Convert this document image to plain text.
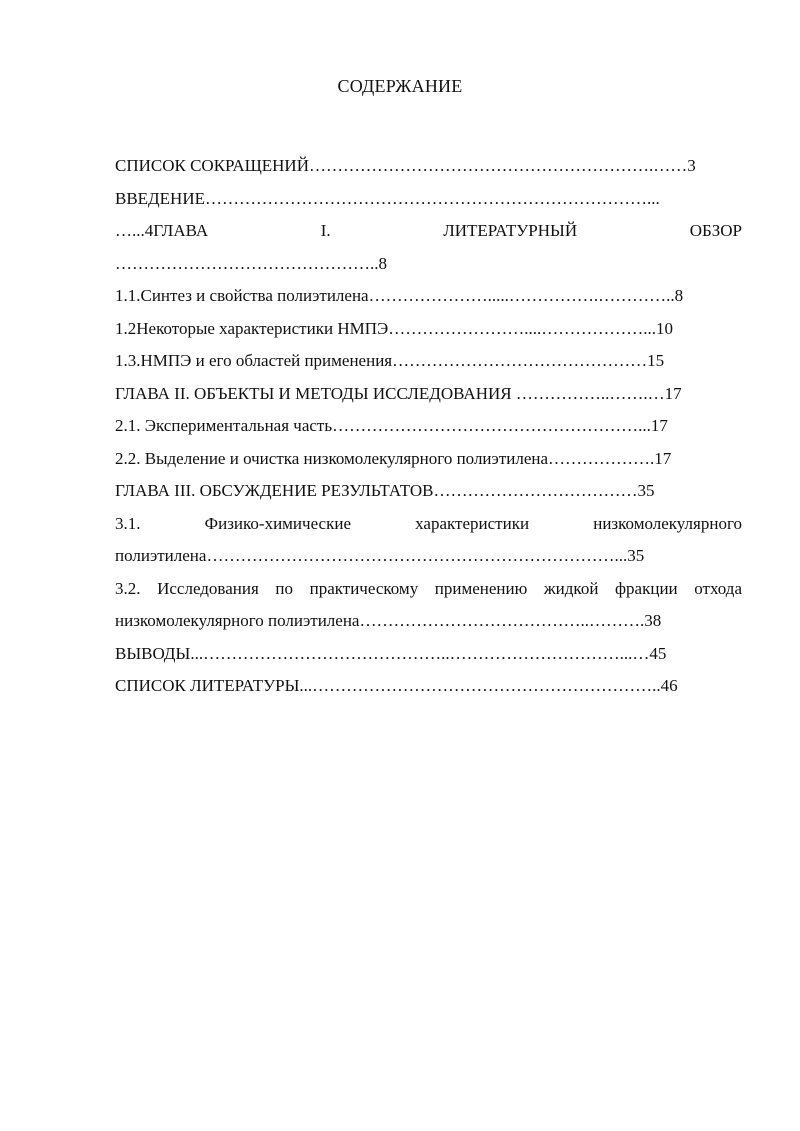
СОДЕРЖАНИЕ
СПИСОК СОКРАЩЕНИЙ…………………………………………………….……3
ВВЕДЕНИЕ……………………………………………………………………...
…...4ГЛАВА I. ЛИТЕРАТУРНЫЙ ОБЗОР
………………………………………..8
1.1.Синтез и свойства полиэтилена………………….....…………….…………..8
1.2Некоторые характеристики НМПЭ……………………....………………...10
1.3.НМПЭ и его областей применения………………………………………15
ГЛАВА II. ОБЪЕКТЫ И МЕТОДЫ ИССЛЕДОВАНИЯ ……………..…….…17
2.1. Экспериментальная часть………………………………………………...17
2.2. Выделение и очистка низкомолекулярного полиэтилена……………….17
ГЛАВА III. ОБСУЖДЕНИЕ РЕЗУЛЬТАТОВ………………………………35
3.1. Физико-химические характеристики низкомолекулярного
полиэтилена………………………………………………………………...35
3.2. Исследования по практическому применению жидкой фракции отхода
низкомолекулярного полиэтилена…………………………………..……….38
ВЫВОДЫ...……………………………………..…………………………...…45
СПИСОК ЛИТЕРАТУРЫ...……………………………………………………..46
